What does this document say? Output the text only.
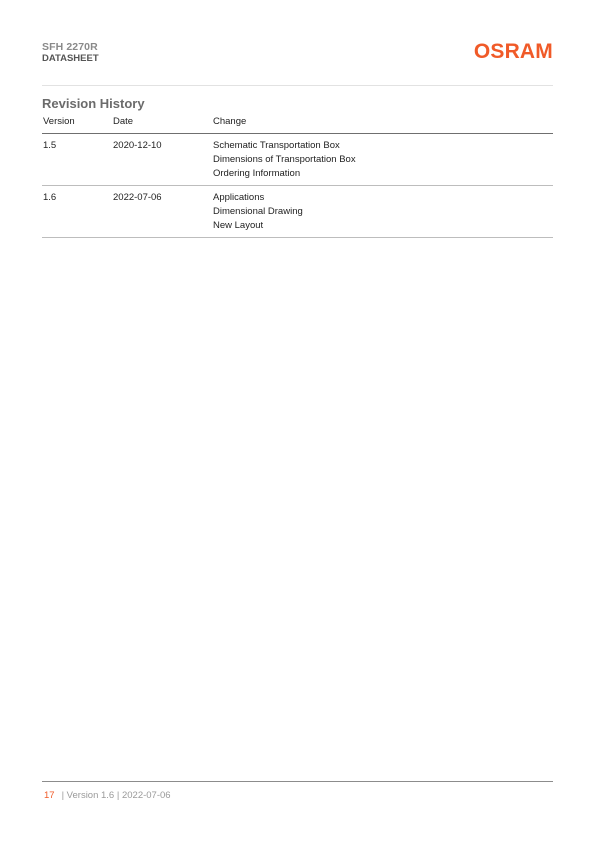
SFH 2270R
DATASHEET	OSRAM
Revision History
Version	Date	Change
1.5	2020-12-10	Schematic Transportation Box
Dimensions of Transportation Box
Ordering Information
1.6	2022-07-06	Applications
Dimensional Drawing
New Layout
17 | Version 1.6 | 2022-07-06
